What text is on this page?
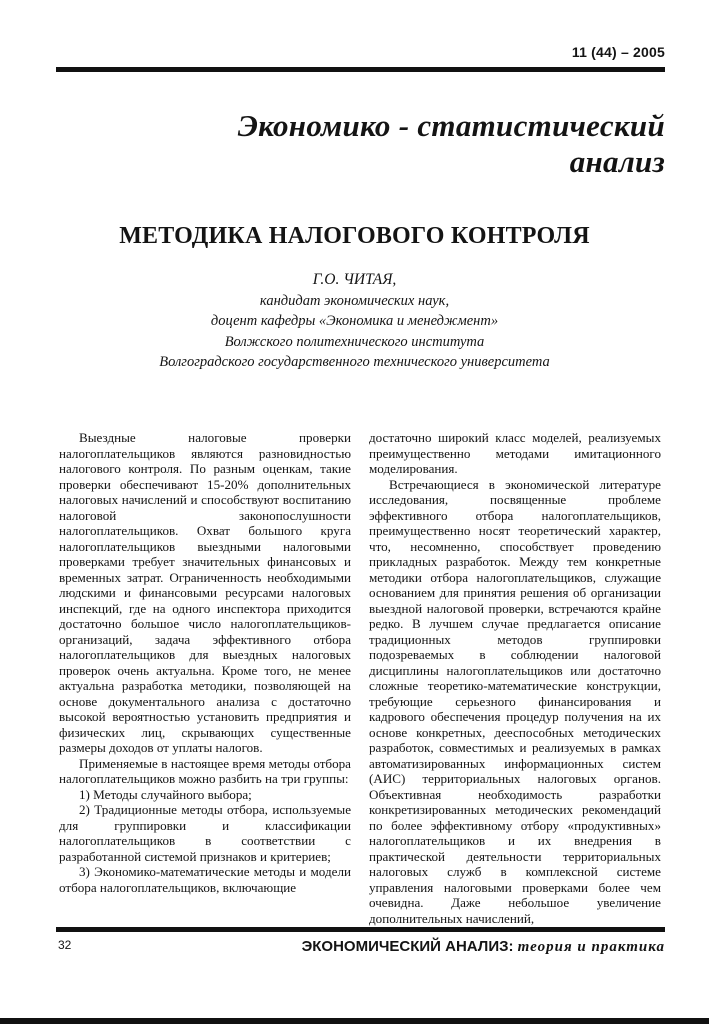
11 (44) – 2005
Экономико - статистический
анализ
МЕТОДИКА НАЛОГОВОГО КОНТРОЛЯ
Г.О. ЧИТАЯ,
кандидат экономических наук,
доцент кафедры «Экономика и менеджмент»
Волжского политехнического института
Волгоградского государственного технического университета

Выездные налоговые проверки налогоплательщиков являются разновидностью налогового контроля. По разным оценкам, такие проверки обеспечивают 15-20% дополнительных налоговых начислений и способствуют воспитанию налоговой законопослушности налогоплательщиков. Охват большого круга налогоплательщиков выездными налоговыми проверками требует значительных финансовых и временных затрат. Ограниченность необходимыми людскими и финансовыми ресурсами налоговых инспекций, где на одного инспектора приходится достаточно большое число налогоплательщиков-организаций, задача эффективного отбора налогоплательщиков для выездных налоговых проверок очень актуальна. Кроме того, не менее актуальна разработка методики, позволяющей на основе документального анализа с достаточно высокой вероятностью установить предприятия и физических лиц, скрывающих существенные размеры доходов от уплаты налогов.

Применяемые в настоящее время методы отбора налогоплательщиков можно разбить на три группы:

1) Методы случайного выбора;

2) Традиционные методы отбора, используемые для группировки и классификации налогоплательщиков в соответствии с разработанной системой признаков и критериев;

3) Экономико-математические методы и модели отбора налогоплательщиков, включающие

достаточно широкий класс моделей, реализуемых преимущественно методами имитационного моделирования.

Встречающиеся в экономической литературе исследования, посвященные проблеме эффективного отбора налогоплательщиков, преимущественно носят теоретический характер, что, несомненно, способствует проведению прикладных разработок. Между тем конкретные методики отбора налогоплательщиков, служащие основанием для принятия решения об организации выездной налоговой проверки, встречаются крайне редко. В лучшем случае предлагается описание традиционных методов группировки подозреваемых в соблюдении налоговой дисциплины налогоплательщиков или достаточно сложные теоретико-математические конструкции, требующие серьезного финансирования и кадрового обеспечения процедур получения на их основе конкретных, дееспособных методических разработок, совместимых и реализуемых в рамках автоматизированных информационных систем (АИС) территориальных налоговых органов. Объективная необходимость разработки конкретизированных методических рекомендаций по более эффективному отбору «продуктивных» налогоплательщиков и их внедрения в практической деятельности территориальных налоговых служб в комплексной системе управления налоговыми проверками более чем очевидна. Даже небольшое увеличение дополнительных начислений,

32	ЭКОНОМИЧЕСКИЙ АНАЛИЗ: теория и практика
